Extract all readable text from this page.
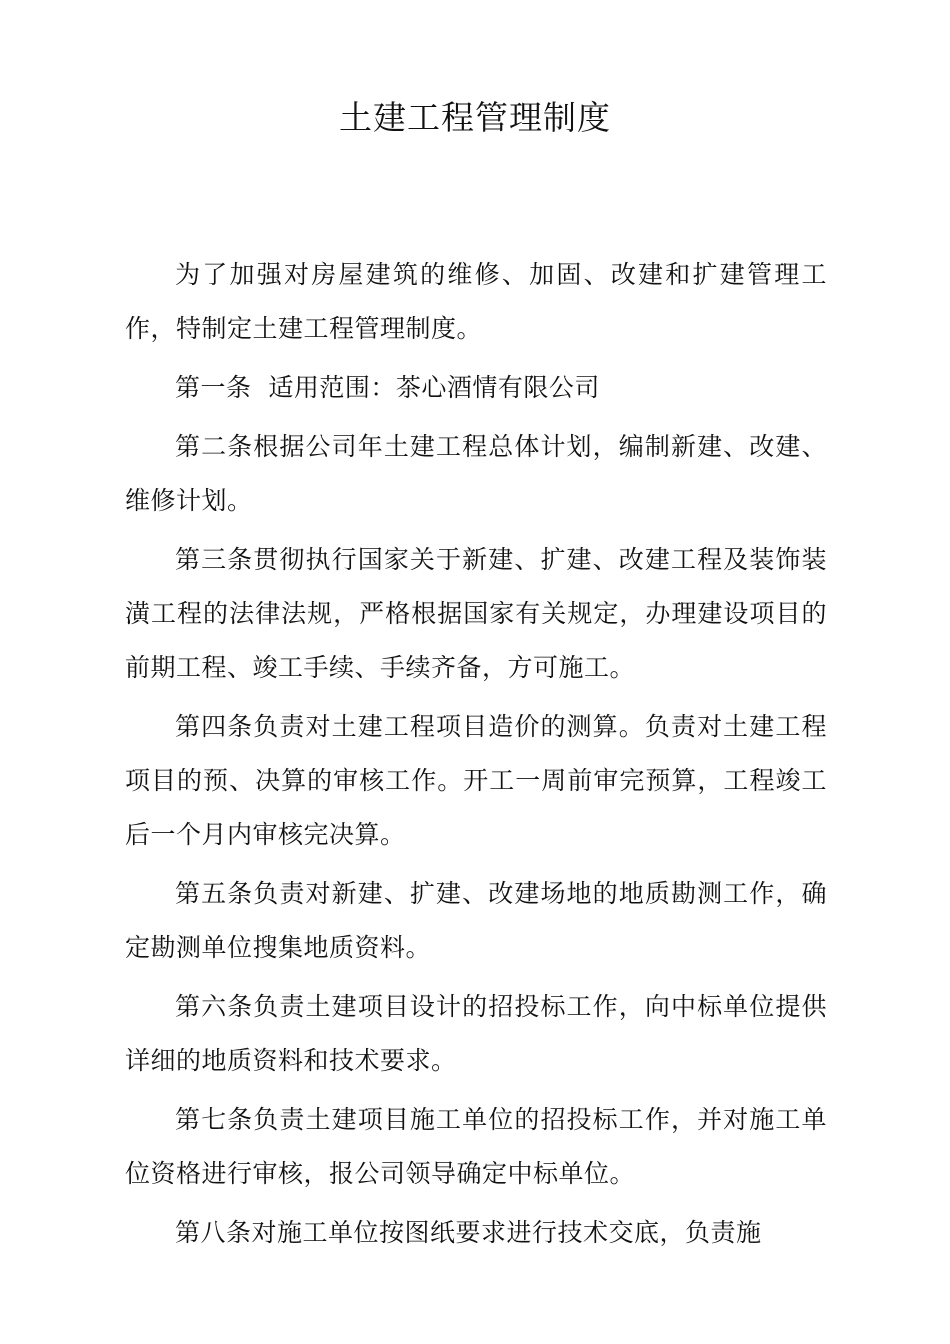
土建工程管理制度

为了加强对房屋建筑的维修、加固、改建和扩建管理工作，特制定土建工程管理制度。

第一条  适用范围：茶心酒情有限公司

第二条根据公司年土建工程总体计划，编制新建、改建、维修计划。

第三条贯彻执行国家关于新建、扩建、改建工程及装饰装潢工程的法律法规，严格根据国家有关规定，办理建设项目的前期工程、竣工手续、手续齐备，方可施工。

第四条负责对土建工程项目造价的测算。负责对土建工程项目的预、决算的审核工作。开工一周前审完预算，工程竣工后一个月内审核完决算。

第五条负责对新建、扩建、改建场地的地质勘测工作，确定勘测单位搜集地质资料。

第六条负责土建项目设计的招投标工作，向中标单位提供详细的地质资料和技术要求。

第七条负责土建项目施工单位的招投标工作，并对施工单位资格进行审核，报公司领导确定中标单位。

第八条对施工单位按图纸要求进行技术交底，负责施
